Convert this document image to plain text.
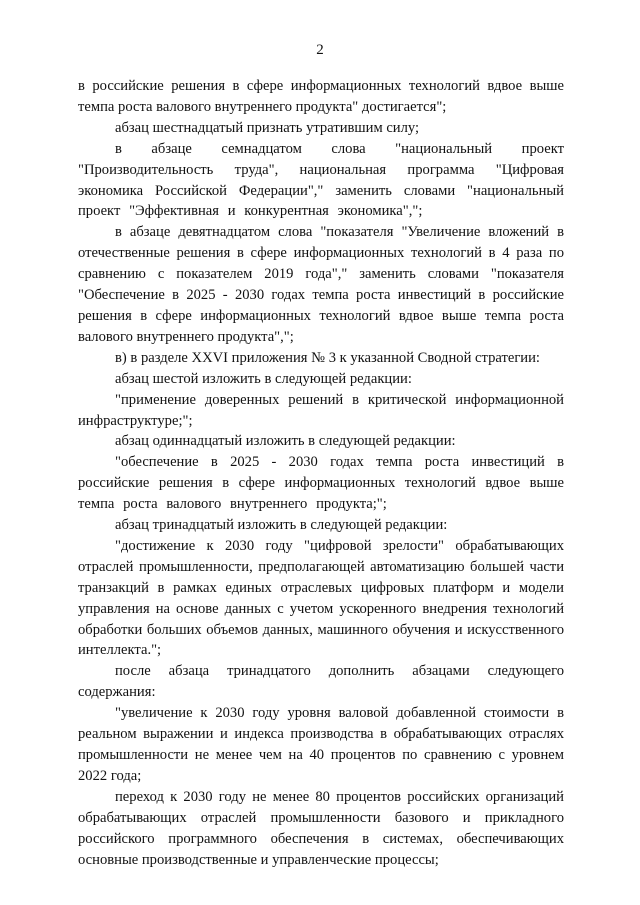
2

в российские решения в сфере информационных технологий вдвое выше темпа роста валового внутреннего продукта" достигается";

абзац шестнадцатый признать утратившим силу;

в абзаце семнадцатом слова "национальный проект "Производительность труда", национальная программа "Цифровая экономика Российской Федерации"," заменить словами "национальный проект "Эффективная и конкурентная экономика",";

в абзаце девятнадцатом слова "показателя "Увеличение вложений в отечественные решения в сфере информационных технологий в 4 раза по сравнению с показателем 2019 года"," заменить словами "показателя "Обеспечение в 2025 - 2030 годах темпа роста инвестиций в российские решения в сфере информационных технологий вдвое выше темпа роста валового внутреннего продукта",";

в) в разделе XXVI приложения № 3 к указанной Сводной стратегии:

абзац шестой изложить в следующей редакции:

"применение доверенных решений в критической информационной инфраструктуре;";

абзац одиннадцатый изложить в следующей редакции:

"обеспечение в 2025 - 2030 годах темпа роста инвестиций в российские решения в сфере информационных технологий вдвое выше темпа роста валового внутреннего продукта;";

абзац тринадцатый изложить в следующей редакции:

"достижение к 2030 году "цифровой зрелости" обрабатывающих отраслей промышленности, предполагающей автоматизацию большей части транзакций в рамках единых отраслевых цифровых платформ и модели управления на основе данных с учетом ускоренного внедрения технологий обработки больших объемов данных, машинного обучения и искусственного интеллекта.";

после абзаца тринадцатого дополнить абзацами следующего содержания:

"увеличение к 2030 году уровня валовой добавленной стоимости в реальном выражении и индекса производства в обрабатывающих отраслях промышленности не менее чем на 40 процентов по сравнению с уровнем 2022 года;

переход к 2030 году не менее 80 процентов российских организаций обрабатывающих отраслей промышленности базового и прикладного российского программного обеспечения в системах, обеспечивающих основные производственные и управленческие процессы;
